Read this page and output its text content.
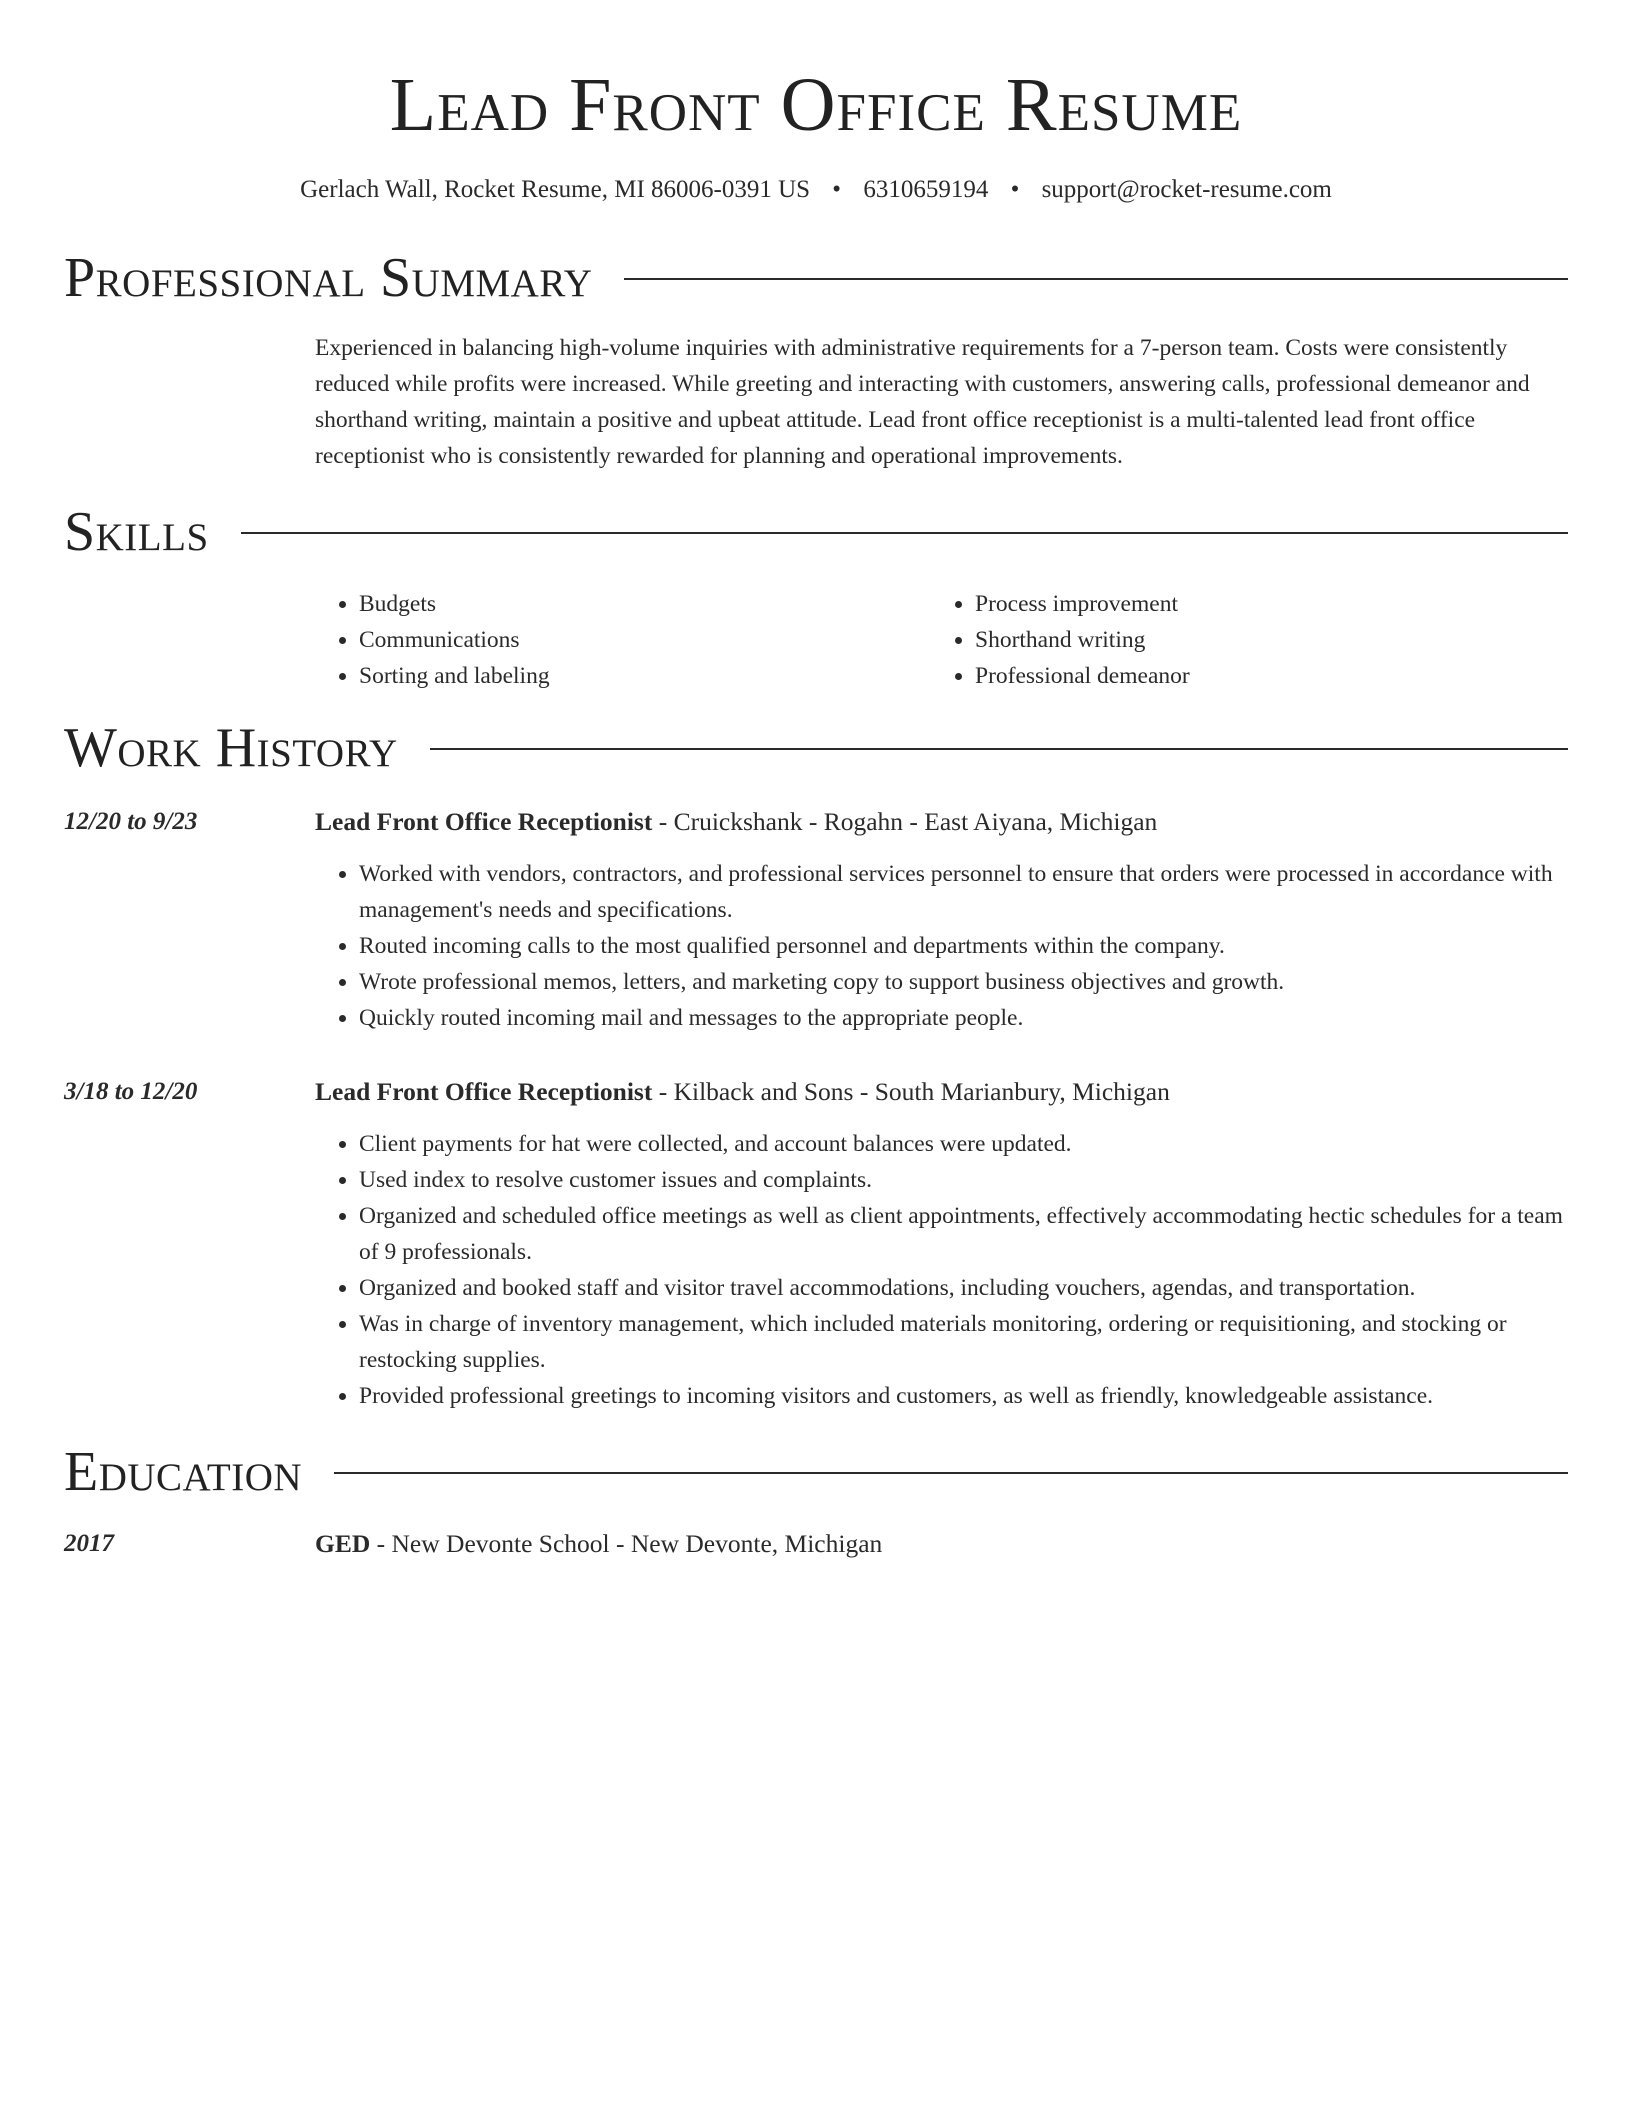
Lead Front Office Resume
Gerlach Wall, Rocket Resume, MI 86006-0391 US • 6310659194 • support@rocket-resume.com
Professional Summary
Experienced in balancing high-volume inquiries with administrative requirements for a 7-person team. Costs were consistently reduced while profits were increased. While greeting and interacting with customers, answering calls, professional demeanor and shorthand writing, maintain a positive and upbeat attitude. Lead front office receptionist is a multi-talented lead front office receptionist who is consistently rewarded for planning and operational improvements.
Skills
• Budgets
• Communications
• Sorting and labeling
• Process improvement
• Shorthand writing
• Professional demeanor
Work History
12/20 to 9/23	Lead Front Office Receptionist - Cruickshank - Rogahn - East Aiyana, Michigan
• Worked with vendors, contractors, and professional services personnel to ensure that orders were processed in accordance with management's needs and specifications.
• Routed incoming calls to the most qualified personnel and departments within the company.
• Wrote professional memos, letters, and marketing copy to support business objectives and growth.
• Quickly routed incoming mail and messages to the appropriate people.
3/18 to 12/20	Lead Front Office Receptionist - Kilback and Sons - South Marianbury, Michigan
• Client payments for hat were collected, and account balances were updated.
• Used index to resolve customer issues and complaints.
• Organized and scheduled office meetings as well as client appointments, effectively accommodating hectic schedules for a team of 9 professionals.
• Organized and booked staff and visitor travel accommodations, including vouchers, agendas, and transportation.
• Was in charge of inventory management, which included materials monitoring, ordering or requisitioning, and stocking or restocking supplies.
• Provided professional greetings to incoming visitors and customers, as well as friendly, knowledgeable assistance.
Education
2017	GED - New Devonte School - New Devonte, Michigan
